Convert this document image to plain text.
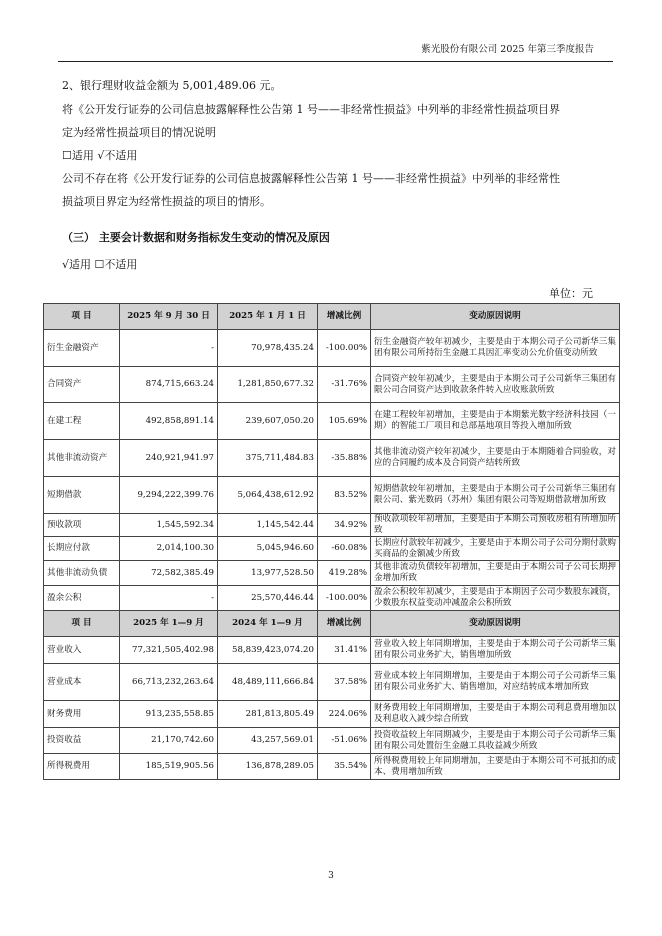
紫光股份有限公司 2025 年第三季度报告
2、银行理财收益金额为 5,001,489.06 元。
将《公开发行证券的公司信息披露解释性公告第 1 号——非经常性损益》中列举的非经常性损益项目界
定为经常性损益项目的情况说明
☐适用 √不适用
公司不存在将《公开发行证券的公司信息披露解释性公告第 1 号——非经常性损益》中列举的非经常性
损益项目界定为经常性损益的项目的情形。
（三） 主要会计数据和财务指标发生变动的情况及原因
√适用 ☐不适用
单位：元
项 目	2025 年 9 月 30 日	2025 年 1 月 1 日	增减比例	变动原因说明
衍生金融资产	-	70,978,435.24	-100.00%	衍生金融资产较年初减少，主要是由于本期公司子公司新华三集团有限公司所持衍生金融工具因汇率变动公允价值变动所致
合同资产	874,715,663.24	1,281,850,677.32	-31.76%	合同资产较年初减少，主要是由于本期公司子公司新华三集团有限公司合同资产达到收款条件转入应收账款所致
在建工程	492,858,891.14	239,607,050.20	105.69%	在建工程较年初增加，主要是由于本期紫光数字经济科技园（一期）的智能工厂项目和总部基地项目等投入增加所致
其他非流动资产	240,921,941.97	375,711,484.83	-35.88%	其他非流动资产较年初减少，主要是由于本期随着合同验收，对应的合同履约成本及合同资产结转所致
短期借款	9,294,222,399.76	5,064,438,612.92	83.52%	短期借款较年初增加，主要是由于本期公司子公司新华三集团有限公司、紫光数码（苏州）集团有限公司等短期借款增加所致
预收款项	1,545,592.34	1,145,542.44	34.92%	预收款项较年初增加，主要是由于本期公司预收房租有所增加所致
长期应付款	2,014,100.30	5,045,946.60	-60.08%	长期应付款较年初减少，主要是由于本期公司子公司分期付款购买商品的金额减少所致
其他非流动负债	72,582,385.49	13,977,528.50	419.28%	其他非流动负债较年初增加，主要是由于本期公司子公司长期押金增加所致
盈余公积	-	25,570,446.44	-100.00%	盈余公积较年初减少，主要是由于本期因子公司少数股东减资，少数股东权益变动冲减盈余公积所致
项 目	2025 年 1—9 月	2024 年 1—9 月	增减比例	变动原因说明
营业收入	77,321,505,402.98	58,839,423,074.20	31.41%	营业收入较上年同期增加，主要是由于本期公司子公司新华三集团有限公司业务扩大，销售增加所致
营业成本	66,713,232,263.64	48,489,111,666.84	37.58%	营业成本较上年同期增加，主要是由于本期公司子公司新华三集团有限公司业务扩大、销售增加，对应结转成本增加所致
财务费用	913,235,558.85	281,813,805.49	224.06%	财务费用较上年同期增加，主要是由于本期公司利息费用增加以及利息收入减少综合所致
投资收益	21,170,742.60	43,257,569.01	-51.06%	投资收益较上年同期减少，主要是由于本期公司子公司新华三集团有限公司处置衍生金融工具收益减少所致
所得税费用	185,519,905.56	136,878,289.05	35.54%	所得税费用较上年同期增加，主要是由于本期公司不可抵扣的成本、费用增加所致
3
